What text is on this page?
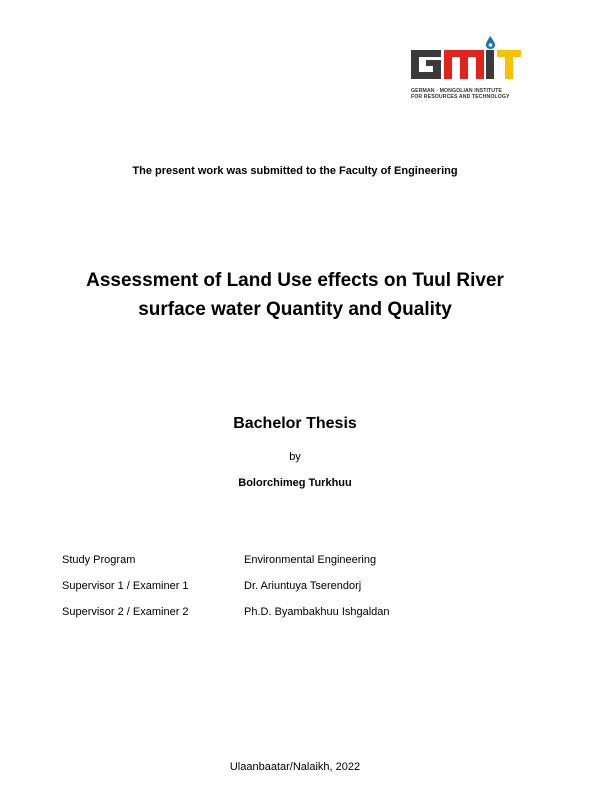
GERMAN - MONGOLIAN INSTITUTE
FOR RESOURCES AND TECHNOLOGY
The present work was submitted to the Faculty of Engineering
Assessment of Land Use effects on Tuul River
surface water Quantity and Quality
Bachelor Thesis
by
Bolorchimeg Turkhuu
Study Program	Environmental Engineering
Supervisor 1 / Examiner 1	Dr. Ariuntuya Tserendorj
Supervisor 2 / Examiner 2	Ph.D. Byambakhuu Ishgaldan
Ulaanbaatar/Nalaikh, 2022
